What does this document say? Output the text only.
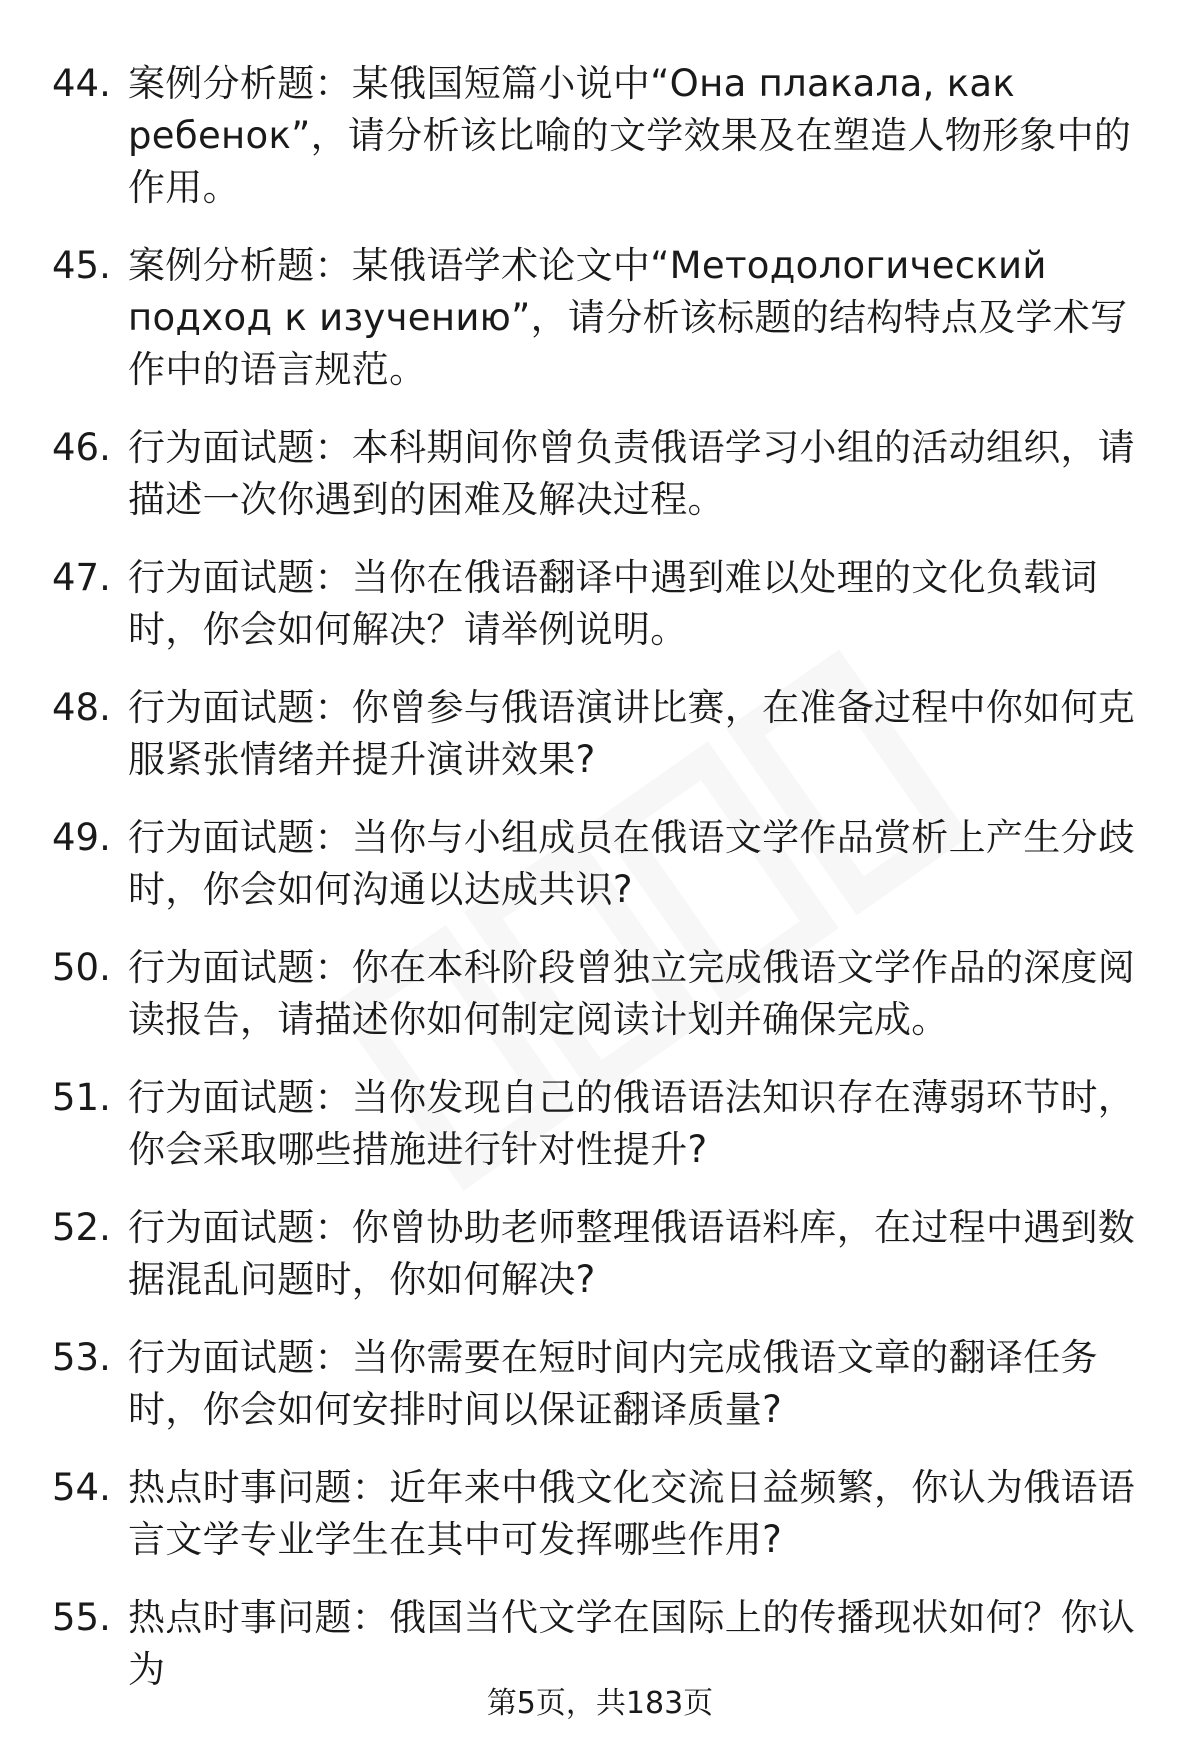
44. 案例分析题：某俄国短篇小说中“Она плакала, как ребенок”，请分析该比喻的文学效果及在塑造人物形象中的作用。
45. 案例分析题：某俄语学术论文中“Методологический подход к изучению”，请分析该标题的结构特点及学术写作中的语言规范。
46. 行为面试题：本科期间你曾负责俄语学习小组的活动组织，请描述一次你遇到的困难及解决过程。
47. 行为面试题：当你在俄语翻译中遇到难以处理的文化负载词时，你会如何解决？请举例说明。
48. 行为面试题：你曾参与俄语演讲比赛，在准备过程中你如何克服紧张情绪并提升演讲效果?
49. 行为面试题：当你与小组成员在俄语文学作品赏析上产生分歧时，你会如何沟通以达成共识?
50. 行为面试题：你在本科阶段曾独立完成俄语文学作品的深度阅读报告，请描述你如何制定阅读计划并确保完成。
51. 行为面试题：当你发现自己的俄语语法知识存在薄弱环节时，你会采取哪些措施进行针对性提升?
52. 行为面试题：你曾协助老师整理俄语语料库，在过程中遇到数据混乱问题时，你如何解决?
53. 行为面试题：当你需要在短时间内完成俄语文章的翻译任务时，你会如何安排时间以保证翻译质量?
54. 热点时事问题：近年来中俄文化交流日益频繁，你认为俄语语言文学专业学生在其中可发挥哪些作用?
55. 热点时事问题：俄国当代文学在国际上的传播现状如何？你认为
第5页，共183页
